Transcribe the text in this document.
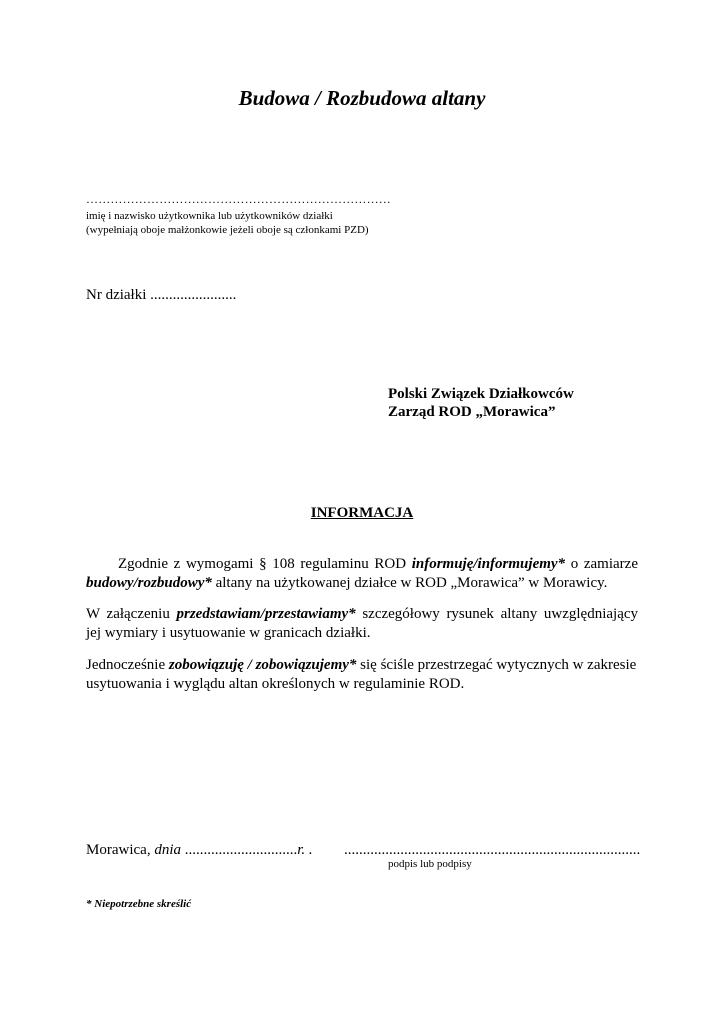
Budowa / Rozbudowa altany
…………………………………………………………………
imię i nazwisko użytkownika lub użytkowników działki
(wypełniają oboje małżonkowie jeżeli oboje są członkami PZD)
Nr działki .......................
Polski Związek Działkowców
Zarząd ROD „Morawica”
INFORMACJA
Zgodnie z wymogami § 108 regulaminu ROD informuję/informujemy* o zamiarze budowy/rozbudowy* altany na użytkowanej działce w ROD „Morawica” w Morawicy.
W załączeniu przedstawiam/przestawiamy* szczegółowy rysunek altany uwzględniający jej wymiary i usytuowanie w granicach działki.
Jednocześnie zobowiązuję / zobowiązujemy* się ściśle przestrzegać wytycznych w zakresie usytuowania i wyglądu altan określonych w regulaminie ROD.
Morawica, dnia ..............................r. . ...............................................................................
podpis lub podpisy
* Niepotrzebne skreślić
